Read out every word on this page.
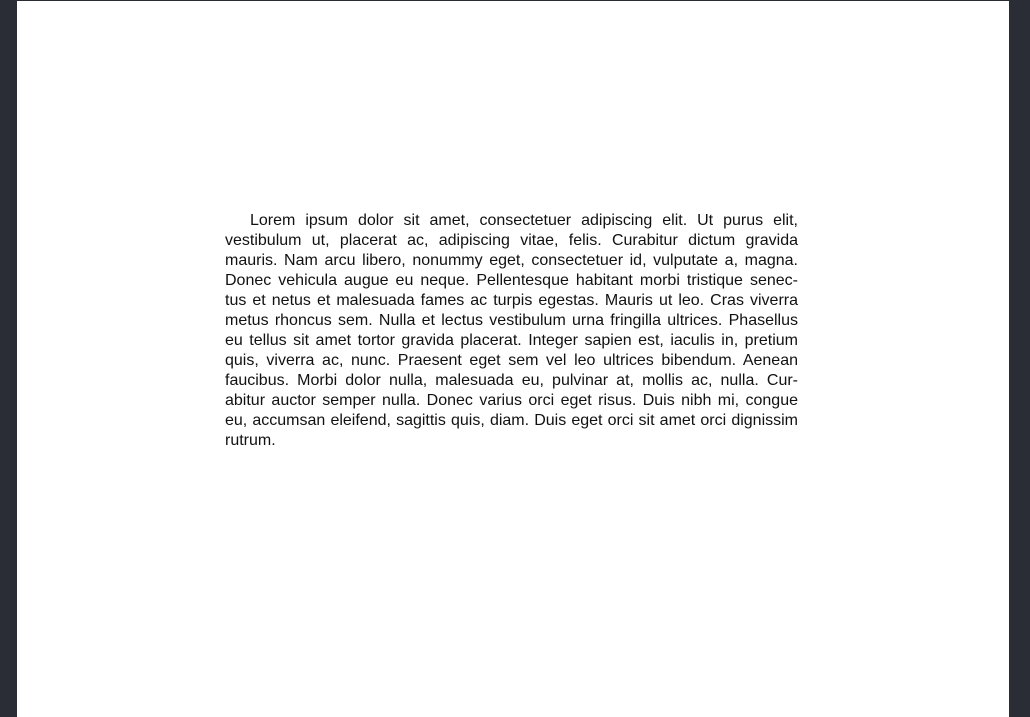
Lorem ipsum dolor sit amet, consectetuer adipiscing elit. Ut purus elit,
vestibulum ut, placerat ac, adipiscing vitae, felis. Curabitur dictum gravida
mauris. Nam arcu libero, nonummy eget, consectetuer id, vulputate a, magna.
Donec vehicula augue eu neque. Pellentesque habitant morbi tristique senec-
tus et netus et malesuada fames ac turpis egestas. Mauris ut leo. Cras viverra
metus rhoncus sem. Nulla et lectus vestibulum urna fringilla ultrices. Phasellus
eu tellus sit amet tortor gravida placerat. Integer sapien est, iaculis in, pretium
quis, viverra ac, nunc. Praesent eget sem vel leo ultrices bibendum. Aenean
faucibus. Morbi dolor nulla, malesuada eu, pulvinar at, mollis ac, nulla. Cur-
abitur auctor semper nulla. Donec varius orci eget risus. Duis nibh mi, congue
eu, accumsan eleifend, sagittis quis, diam. Duis eget orci sit amet orci dignissim
rutrum.
